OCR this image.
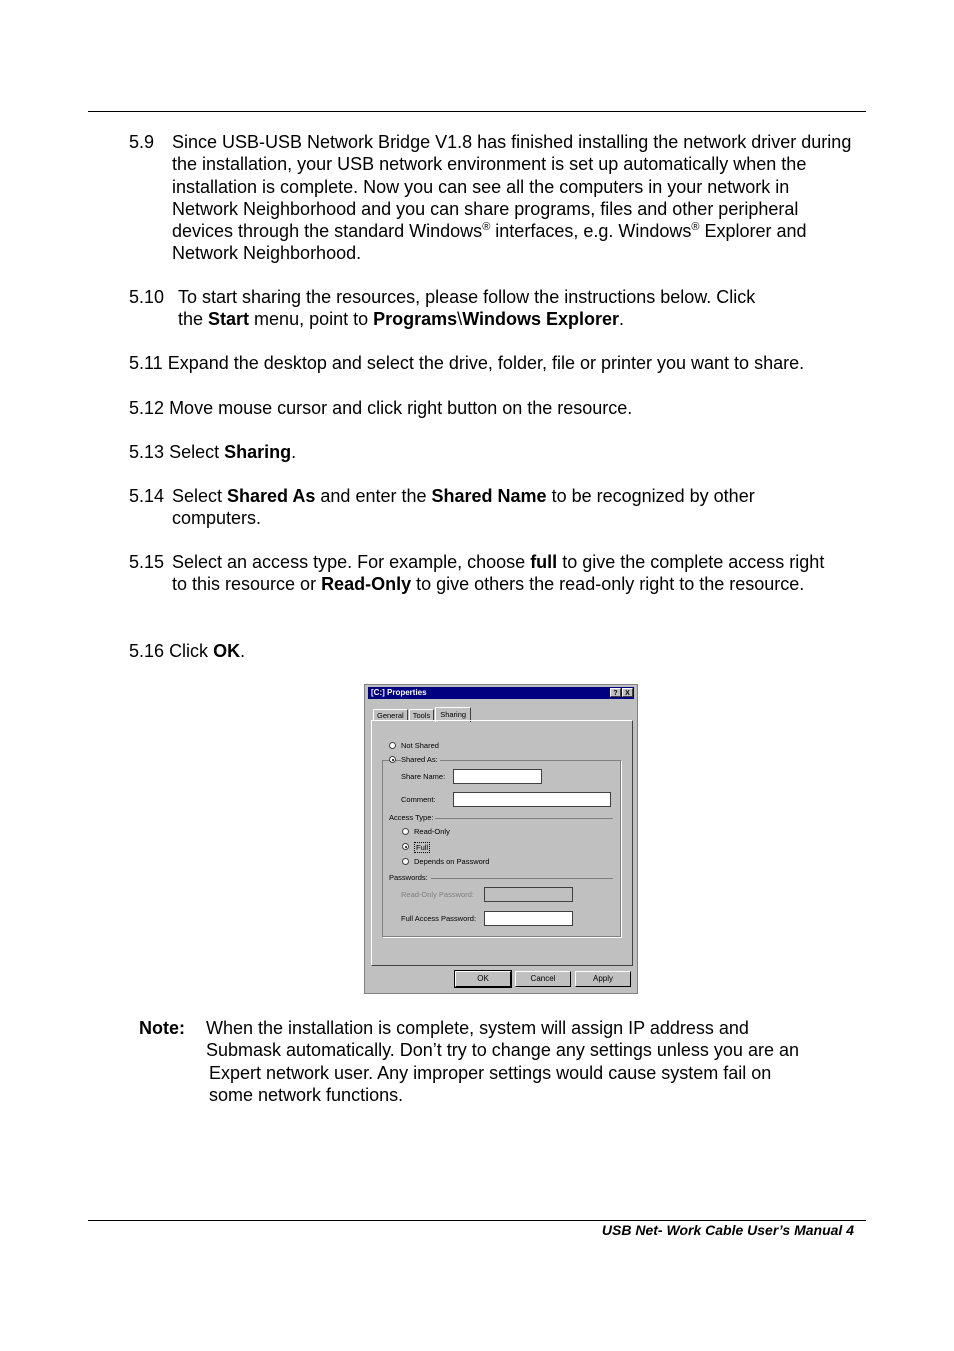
5.9 Since USB-USB Network Bridge V1.8 has finished installing the network driver during the installation, your USB network environment is set up automatically when the installation is complete. Now you can see all the computers in your network in Network Neighborhood and you can share programs, files and other peripheral devices through the standard Windows® interfaces, e.g. Windows® Explorer and Network Neighborhood.
5.10 To start sharing the resources, please follow the instructions below. Click
the Start menu, point to Programs\Windows Explorer.
5.11 Expand the desktop and select the drive, folder, file or printer you want to share.
5.12 Move mouse cursor and click right button on the resource.
5.13 Select Sharing.
5.14 Select Shared As and enter the Shared Name to be recognized by other computers.
5.15 Select an access type. For example, choose full to give the complete access right to this resource or Read-Only to give others the read-only right to the resource.
5.16 Click OK.
[C:] Properties	?	X
General	Tools	Sharing
Not Shared
Shared As:
Share Name:
Comment:
Access Type:
Read-Only
Full
Depends on Password
Passwords:
Read-Only Password:
Full Access Password:
OK	Cancel	Apply
Note: When the installation is complete, system will assign IP address and
Submask automatically. Don’t try to change any settings unless you are an
Expert network user. Any improper settings would cause system fail on
some network functions.
USB Net- Work Cable User’s Manual 4
